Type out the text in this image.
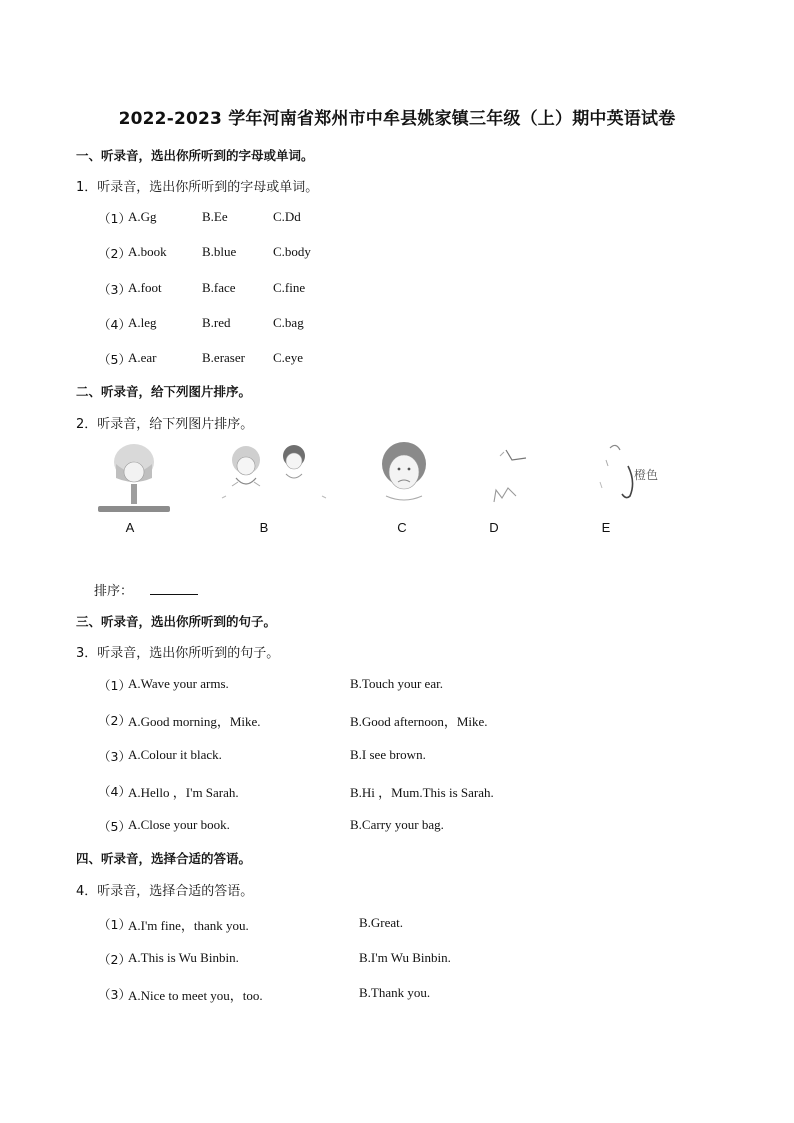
2022-2023 学年河南省郑州市中牟县姚家镇三年级（上）期中英语试卷
一、听录音，选出你所听到的字母或单词。
1．听录音，选出你所听到的字母或单词。
（1）
A.Gg	B.Ee	C.Dd
（2）
A.book	B.blue	C.body
（3）
A.foot	B.face	C.fine
（4）
A.leg	B.red	C.bag
（5）
A.ear	B.eraser C.eye
二、听录音，给下列图片排序。
2．听录音，给下列图片排序。
A	B	C	D
橙色
E
排序：
三、听录音，选出你所听到的句子。
3．听录音，选出你所听到的句子。
（1）
A.Wave your arms.	B.Touch your ear.
（2）
A.Good morning，Mike.	B.Good afternoon，Mike.
（3）
A.Colour it black.	B.I see brown.
（4）
A.Hello ，I'm Sarah.	B.Hi ，Mum.This is Sarah.
（5）
A.Close your book.	B.Carry your bag.
四、听录音，选择合适的答语。
4．听录音，选择合适的答语。
（1）
A.I'm fine，thank you.	B.Great.
（2）
A.This is Wu Binbin.	B.I'm Wu Binbin.
（3）
A.Nice to meet you，too.	B.Thank you.
